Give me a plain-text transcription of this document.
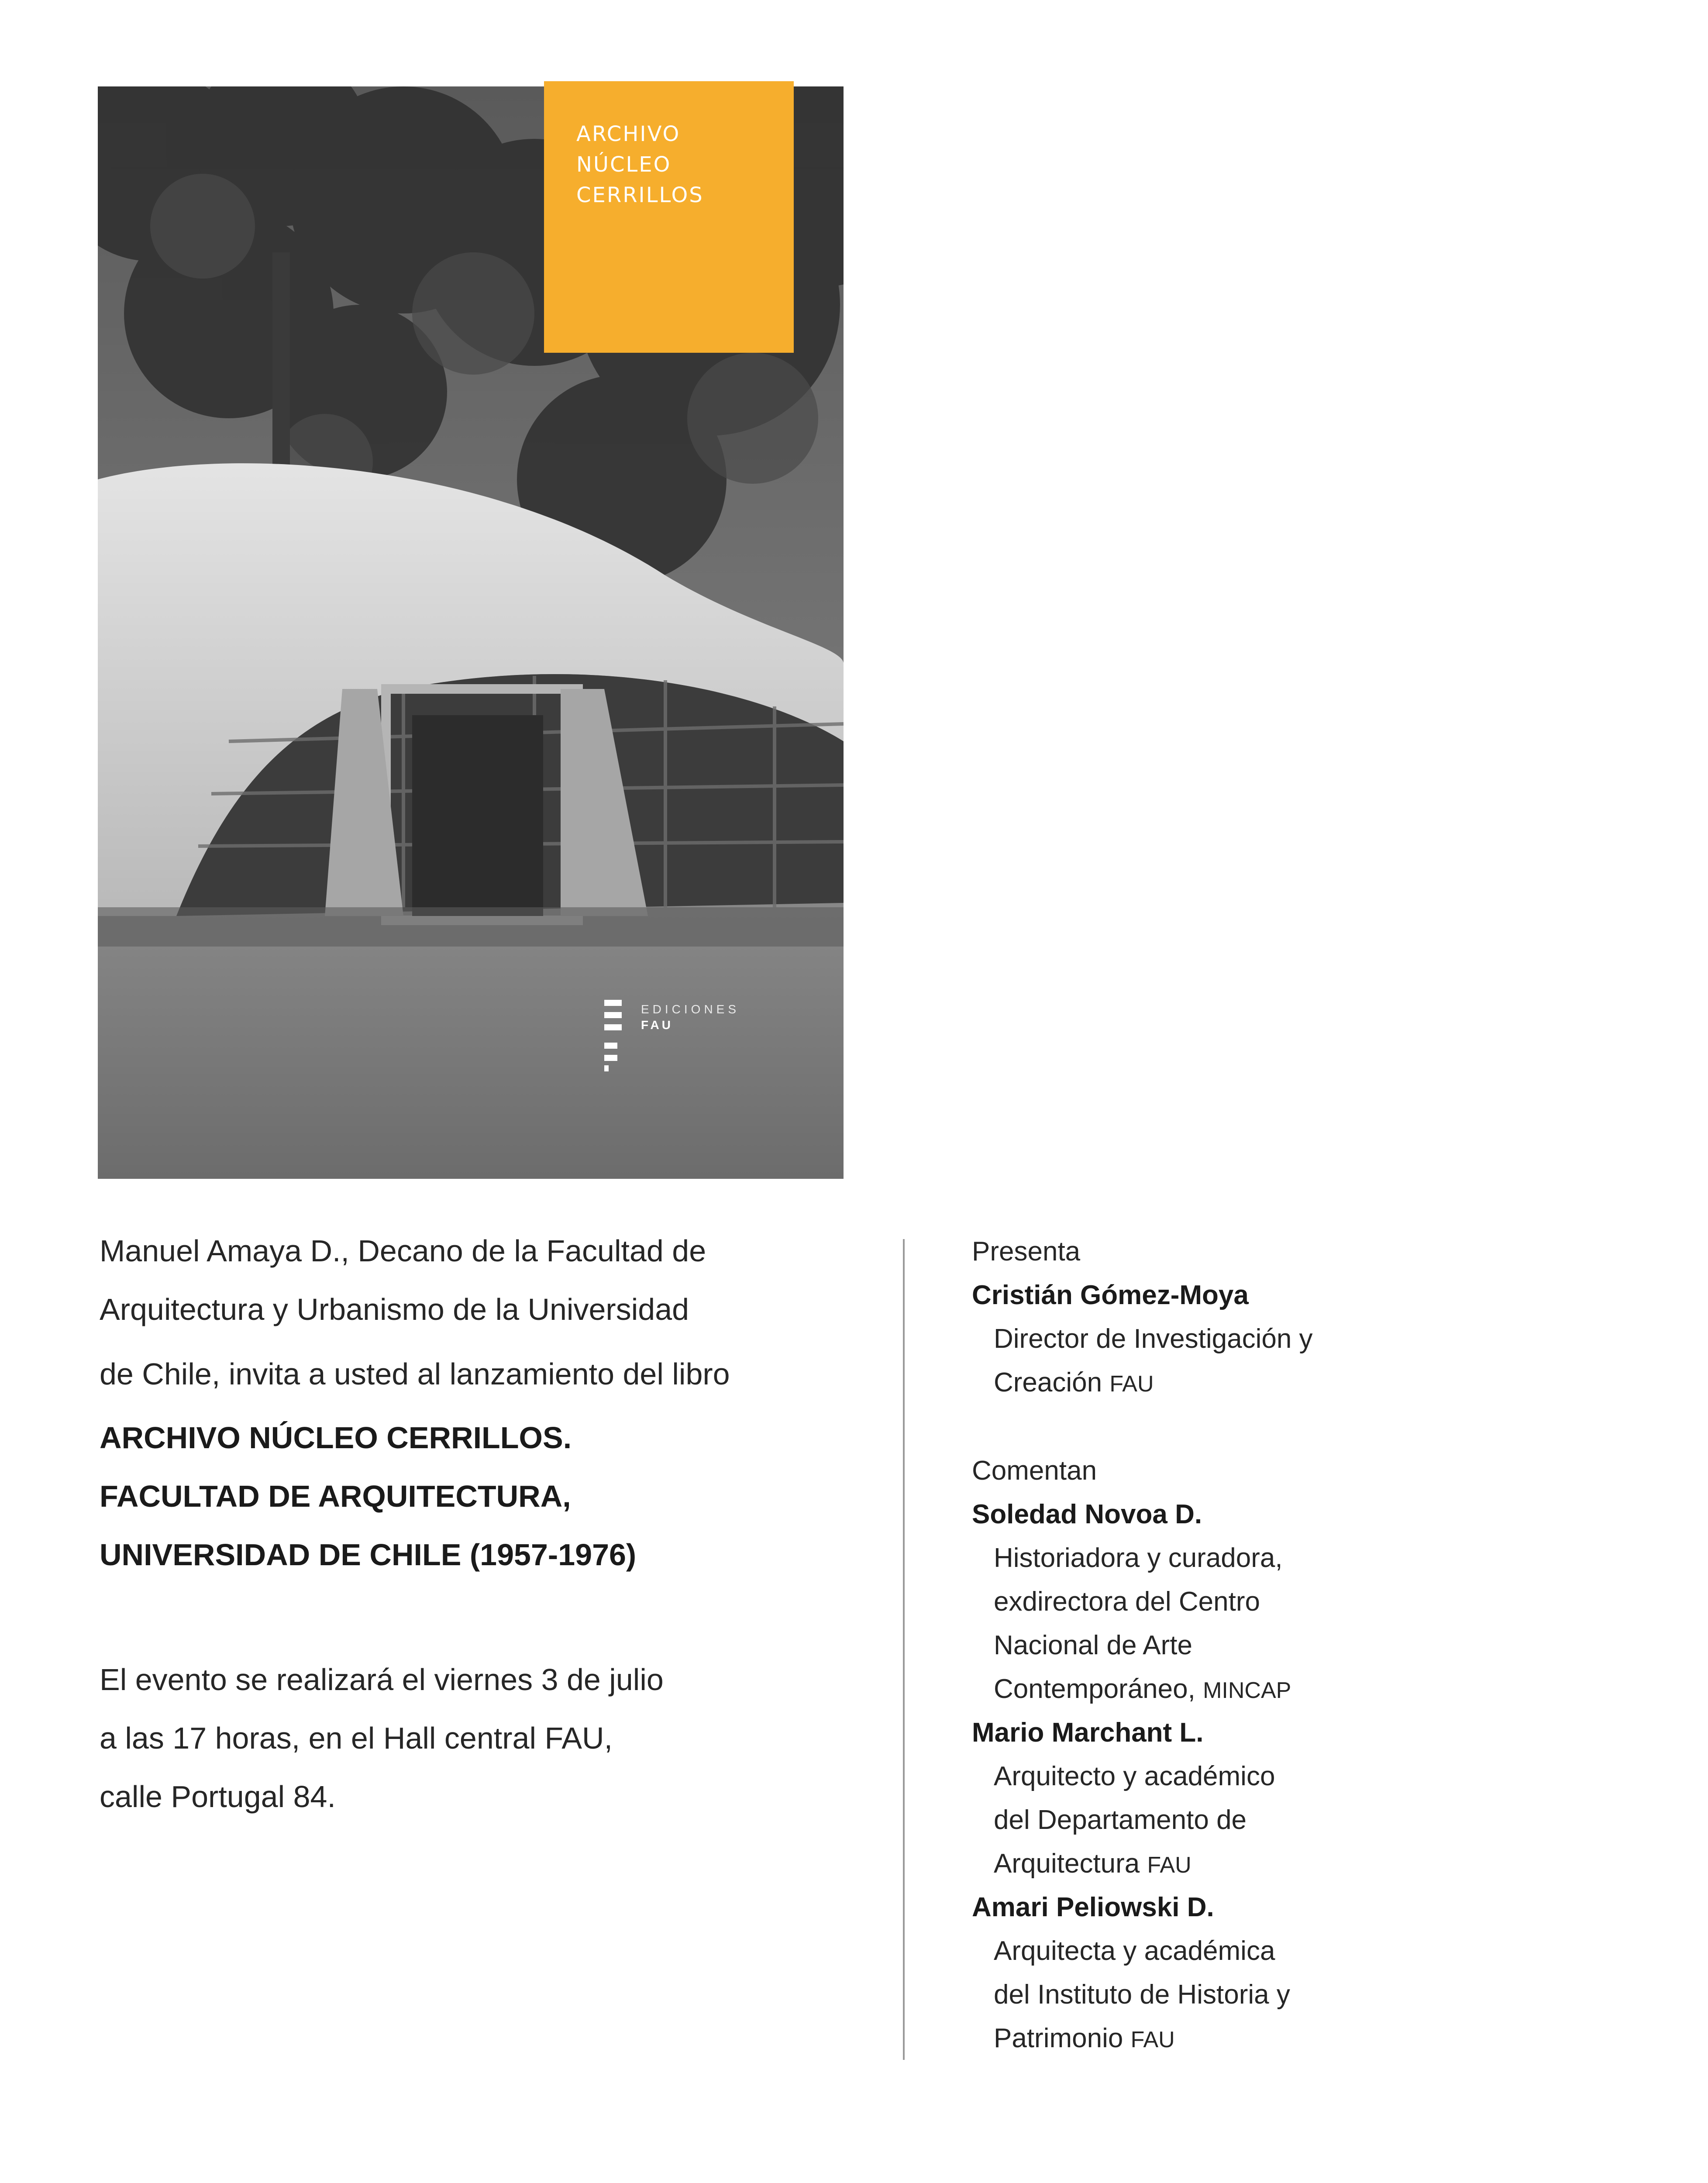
ARCHIVO
NÚCLEO
CERRILLOS
EDICIONES
FAU
Manuel Amaya D., Decano de la Facultad de
Arquitectura y Urbanismo de la Universidad
de Chile, invita a usted al lanzamiento del libro
ARCHIVO NÚCLEO CERRILLOS.
FACULTAD DE ARQUITECTURA,
UNIVERSIDAD DE CHILE (1957-1976)
El evento se realizará el viernes 3 de julio
a las 17 horas, en el Hall central FAU,
calle Portugal 84.
Presenta
Cristián Gómez-Moya
Director de Investigación y
Creación FAU
Comentan
Soledad Novoa D.
Historiadora y curadora,
exdirectora del Centro
Nacional de Arte
Contemporáneo, MINCAP
Mario Marchant L.
Arquitecto y académico
del Departamento de
Arquitectura FAU
Amari Peliowski D.
Arquitecta y académica
del Instituto de Historia y
Patrimonio FAU
